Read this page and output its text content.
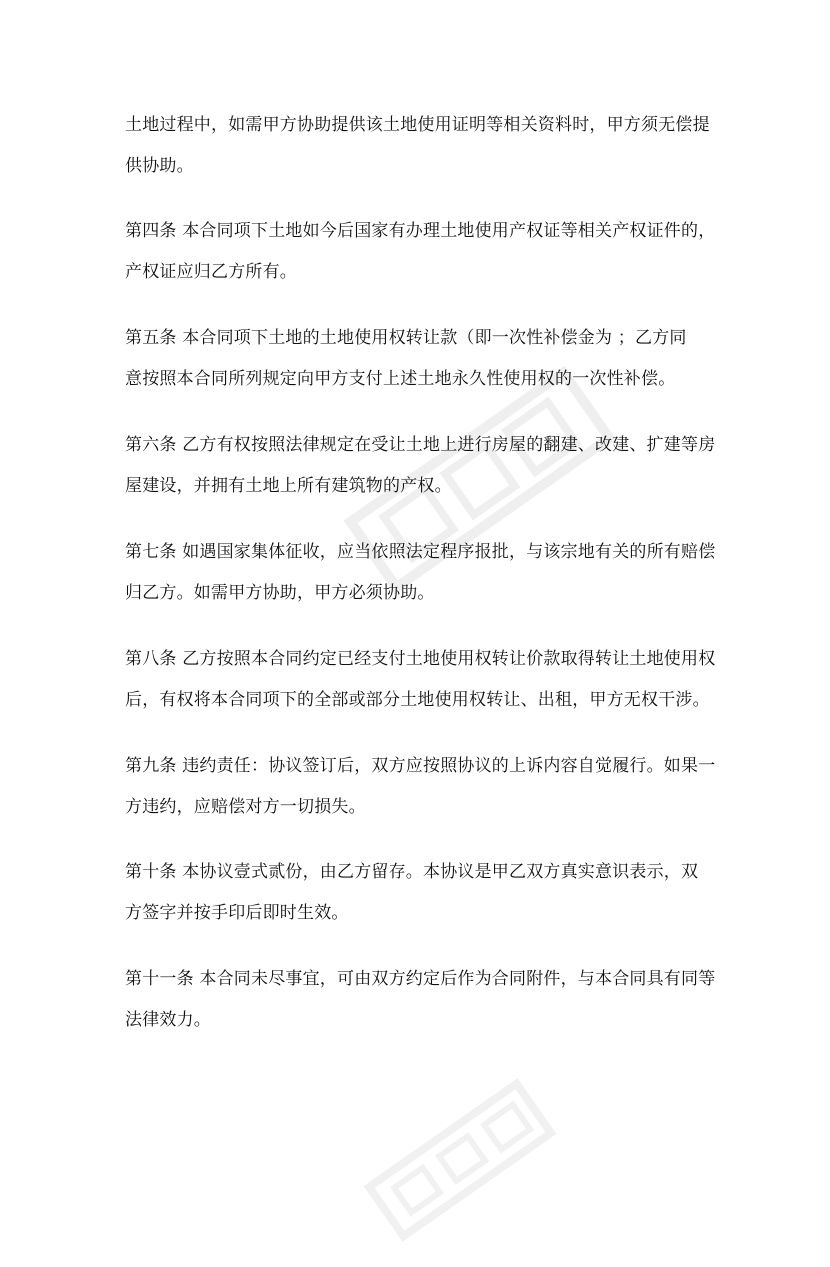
土地过程中，如需甲方协助提供该土地使用证明等相关资料时，甲方须无偿提
供协助。
第四条 本合同项下土地如今后国家有办理土地使用产权证等相关产权证件的，
产权证应归乙方所有。
第五条 本合同项下土地的土地使用权转让款（即一次性补偿金为 ；乙方同
意按照本合同所列规定向甲方支付上述土地永久性使用权的一次性补偿。
第六条 乙方有权按照法律规定在受让土地上进行房屋的翻建、改建、扩建等房
屋建设，并拥有土地上所有建筑物的产权。
第七条 如遇国家集体征收，应当依照法定程序报批，与该宗地有关的所有赔偿
归乙方。如需甲方协助，甲方必须协助。
第八条 乙方按照本合同约定已经支付土地使用权转让价款取得转让土地使用权
后，有权将本合同项下的全部或部分土地使用权转让、出租，甲方无权干涉。
第九条 违约责任：协议签订后，双方应按照协议的上诉内容自觉履行。如果一
方违约，应赔偿对方一切损失。
第十条 本协议壹式贰份，由乙方留存。本协议是甲乙双方真实意识表示，双
方签字并按手印后即时生效。
第十一条 本合同未尽事宜，可由双方约定后作为合同附件，与本合同具有同等
法律效力。
